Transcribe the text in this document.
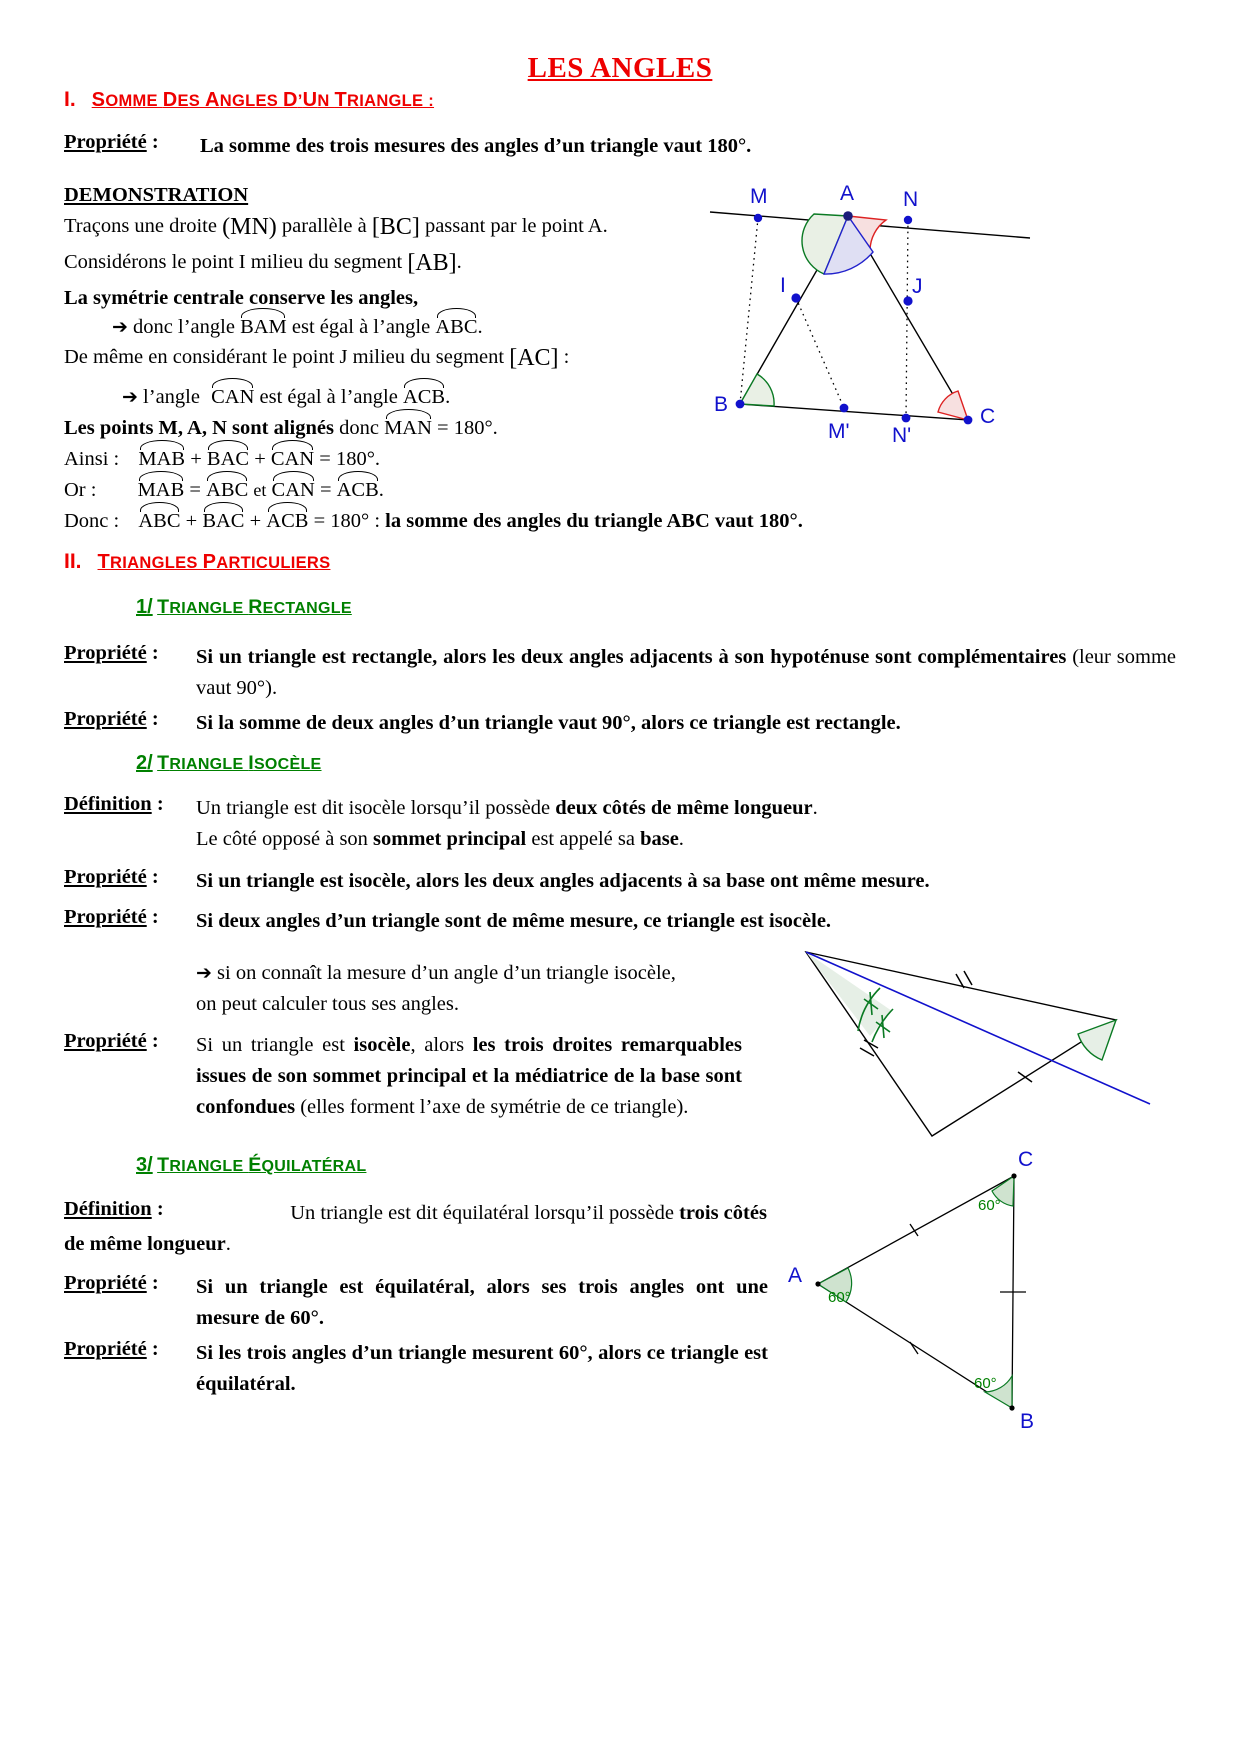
LES ANGLES
I. SOMME DES ANGLES D’UN TRIANGLE :
Propriété : La somme des trois mesures des angles d’un triangle vaut 180°.
DEMONSTRATION
Traçons une droite (MN) parallèle à [BC] passant par le point A.
Considérons le point I milieu du segment [AB].
La symétrie centrale conserve les angles,
➔ donc l’angle BAM est égal à l’angle ABC.
De même en considérant le point J milieu du segment [AC] :
➔ l’angle CAN est égal à l’angle ACB.
Les points M, A, N sont alignés donc MAN = 180°.
Ainsi : MAB + BAC + CAN = 180°.
Or : MAB = ABC et CAN = ACB.
Donc : ABC + BAC + ACB = 180° : la somme des angles du triangle ABC vaut 180°.
M	A N
I	J
B
C
M' N'
II. TRIANGLES PARTICULIERS
1/ TRIANGLE RECTANGLE
Propriété : Si un triangle est rectangle, alors les deux angles adjacents à son hypoténuse sont complémentaires (leur somme vaut 90°).
Propriété : Si la somme de deux angles d’un triangle vaut 90°, alors ce triangle est rectangle.
2/ TRIANGLE ISOCÈLE
Définition : Un triangle est dit isocèle lorsqu’il possède deux côtés de même longueur.
Le côté opposé à son sommet principal est appelé sa base.
Propriété : Si un triangle est isocèle, alors les deux angles adjacents à sa base ont même mesure.
Propriété : Si deux angles d’un triangle sont de même mesure, ce triangle est isocèle.
➔ si on connaît la mesure d’un angle d’un triangle isocèle,
on peut calculer tous ses angles.
Propriété : Si un triangle est isocèle, alors les trois droites remarquables issues de son sommet principal et la médiatrice de la base sont confondues (elles forment l’axe de symétrie de ce triangle).
3/ TRIANGLE ÉQUILATÉRAL
Définition :	Un triangle est dit équilatéral lorsqu’il possède trois côtés de même longueur.
Propriété : Si un triangle est équilatéral, alors ses trois angles ont une mesure de 60°.
Propriété : Si les trois angles d’un triangle mesurent 60°, alors ce triangle est équilatéral.
A
C
B
60°
60°
60°
